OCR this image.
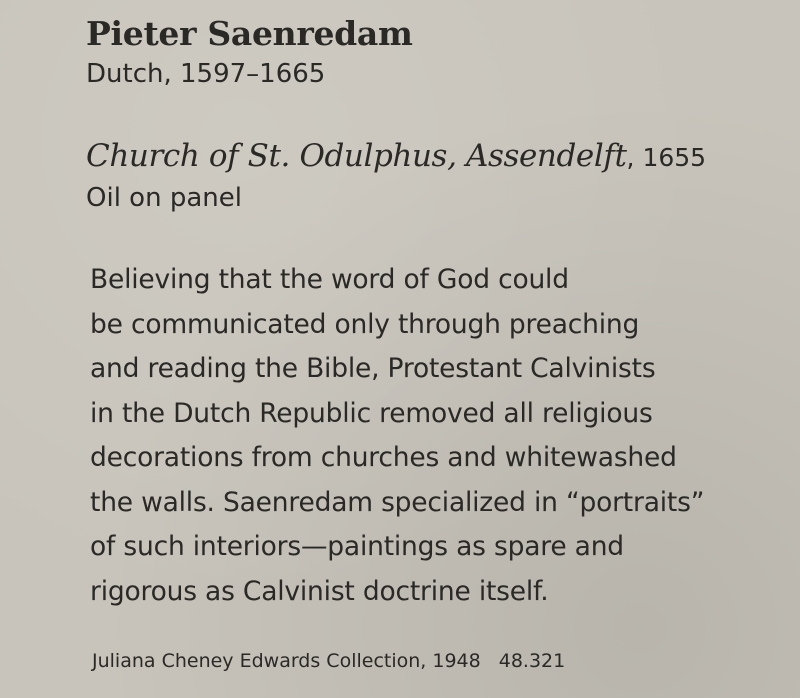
Pieter Saenredam

Dutch, 1597–1665

Church of St. Odulphus, Assendelft, 1655

Oil on panel

Believing that the word of God could
be communicated only through preaching
and reading the Bible, Protestant Calvinists
in the Dutch Republic removed all religious
decorations from churches and whitewashed
the walls. Saenredam specialized in “portraits”
of such interiors—paintings as spare and
rigorous as Calvinist doctrine itself.

Juliana Cheney Edwards Collection, 1948 48.321
